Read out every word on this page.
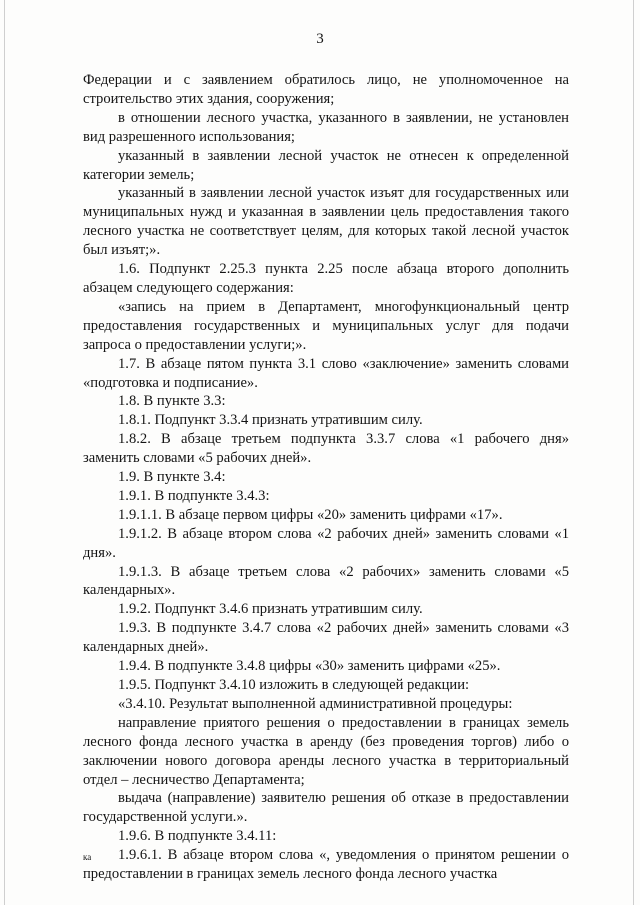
3

Федерации и с заявлением обратилось лицо, не уполномоченное на строительство этих здания, сооружения;

в отношении лесного участка, указанного в заявлении, не установлен вид разрешенного использования;

указанный в заявлении лесной участок не отнесен к определенной категории земель;

указанный в заявлении лесной участок изъят для государственных или муниципальных нужд и указанная в заявлении цель предоставления такого лесного участка не соответствует целям, для которых такой лесной участок был изъят;».

1.6. Подпункт 2.25.3 пункта 2.25 после абзаца второго дополнить абзацем следующего содержания:

«запись на прием в Департамент, многофункциональный центр предоставления государственных и муниципальных услуг для подачи запроса о предоставлении услуги;».

1.7. В абзаце пятом пункта 3.1 слово «заключение» заменить словами «подготовка и подписание».

1.8. В пункте 3.3:

1.8.1. Подпункт 3.3.4 признать утратившим силу.

1.8.2. В абзаце третьем подпункта 3.3.7 слова «1 рабочего дня» заменить словами «5 рабочих дней».

1.9. В пункте 3.4:

1.9.1. В подпункте 3.4.3:

1.9.1.1. В абзаце первом цифры «20» заменить цифрами «17».

1.9.1.2. В абзаце втором слова «2 рабочих дней» заменить словами «1 дня».

1.9.1.3. В абзаце третьем слова «2 рабочих» заменить словами «5 календарных».

1.9.2. Подпункт 3.4.6 признать утратившим силу.

1.9.3. В подпункте 3.4.7 слова «2 рабочих дней» заменить словами «3 календарных дней».

1.9.4. В подпункте 3.4.8 цифры «30» заменить цифрами «25».

1.9.5. Подпункт 3.4.10 изложить в следующей редакции:

«3.4.10. Результат выполненной административной процедуры:

направление приятого решения о предоставлении в границах земель лесного фонда лесного участка в аренду (без проведения торгов) либо о заключении нового договора аренды лесного участка в территориальный отдел – лесничество Департамента;

выдача (направление) заявителю решения об отказе в предоставлении государственной услуги.».

1.9.6. В подпункте 3.4.11:

1.9.6.1. В абзаце втором слова «, уведомления о принятом решении о предоставлении в границах земель лесного фонда лесного участка

ка
